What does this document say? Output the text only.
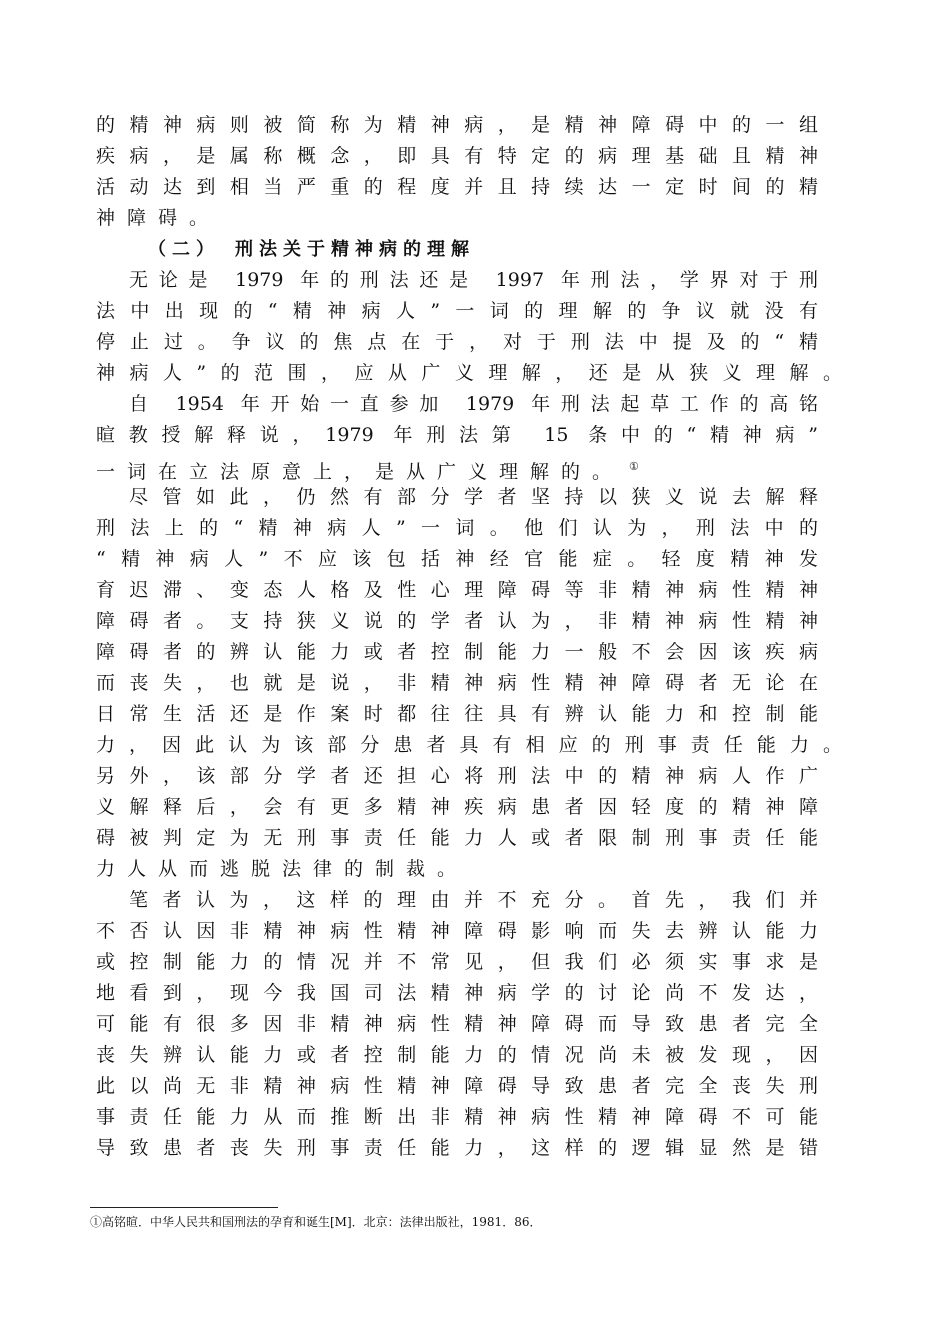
的精神病则被简称为精神病，是精神障碍中的一组
疾病，是属称概念，即具有特定的病理基础且精神
活动达到相当严重的程度并且持续达一定时间的精
神障碍。
（二）　刑法关于精神病的理解
无论是 1979 年的刑法还是 1997 年刑法，学界对于刑
法中出现的“精神病人”一词的理解的争议就没有
停止过。争议的焦点在于，对于刑法中提及的“精
神病人”的范围，应从广义理解，还是从狭义理解。
自 1954 年开始一直参加 1979 年刑法起草工作的高铭
暄教授解释说，1979 年刑法第 15 条中的“精神病”
一词在立法原意上，是从广义理解的。 ①
尽管如此，仍然有部分学者坚持以狭义说去解释
刑法上的“精神病人”一词。他们认为，刑法中的
“精神病人”不应该包括神经官能症。轻度精神发
育迟滞、变态人格及性心理障碍等非精神病性精神
障碍者。支持狭义说的学者认为，非精神病性精神
障碍者的辨认能力或者控制能力一般不会因该疾病
而丧失，也就是说，非精神病性精神障碍者无论在
日常生活还是作案时都往往具有辨认能力和控制能
力，因此认为该部分患者具有相应的刑事责任能力。
另外，该部分学者还担心将刑法中的精神病人作广
义解释后，会有更多精神疾病患者因轻度的精神障
碍被判定为无刑事责任能力人或者限制刑事责任能
力人从而逃脱法律的制裁。
笔者认为，这样的理由并不充分。首先，我们并
不否认因非精神病性精神障碍影响而失去辨认能力
或控制能力的情况并不常见，但我们必须实事求是
地看到，现今我国司法精神病学的讨论尚不发达，
可能有很多因非精神病性精神障碍而导致患者完全
丧失辨认能力或者控制能力的情况尚未被发现，因
此以尚无非精神病性精神障碍导致患者完全丧失刑
事责任能力从而推断出非精神病性精神障碍不可能
导致患者丧失刑事责任能力，这样的逻辑显然是错
①高铭暄．中华人民共和国刑法的孕育和诞生[M]．北京：法律出版社，1981．86．
